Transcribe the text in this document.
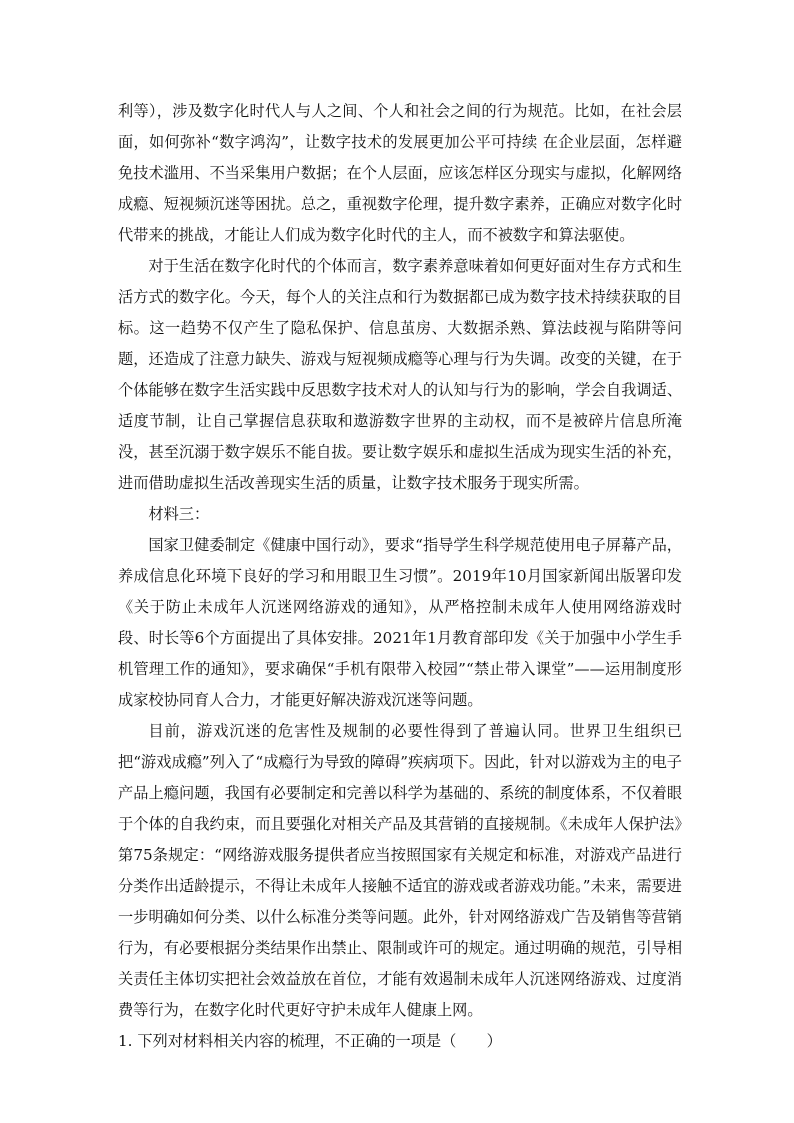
利等），涉及数字化时代人与人之间、个人和社会之间的行为规范。比如，在社会层面，如何弥补“数字鸿沟”，让数字技术的发展更加公平可持续 在企业层面，怎样避免技术滥用、不当采集用户数据；在个人层面，应该怎样区分现实与虚拟，化解网络成瘾、短视频沉迷等困扰。总之，重视数字伦理，提升数字素养，正确应对数字化时代带来的挑战，才能让人们成为数字化时代的主人，而不被数字和算法驱使。

对于生活在数字化时代的个体而言，数字素养意味着如何更好面对生存方式和生活方式的数字化。今天，每个人的关注点和行为数据都已成为数字技术持续获取的目标。这一趋势不仅产生了隐私保护、信息茧房、大数据杀熟、算法歧视与陷阱等问题，还造成了注意力缺失、游戏与短视频成瘾等心理与行为失调。改变的关键，在于个体能够在数字生活实践中反思数字技术对人的认知与行为的影响，学会自我调适、适度节制，让自己掌握信息获取和遨游数字世界的主动权，而不是被碎片信息所淹没，甚至沉溺于数字娱乐不能自拔。要让数字娱乐和虚拟生活成为现实生活的补充，进而借助虚拟生活改善现实生活的质量，让数字技术服务于现实所需。

材料三：

国家卫健委制定《健康中国行动》，要求“指导学生科学规范使用电子屏幕产品，养成信息化环境下良好的学习和用眼卫生习惯”。2019年10月国家新闻出版署印发《关于防止未成年人沉迷网络游戏的通知》，从严格控制未成年人使用网络游戏时段、时长等6个方面提出了具体安排。2021年1月教育部印发《关于加强中小学生手机管理工作的通知》，要求确保“手机有限带入校园”“禁止带入课堂”——运用制度形成家校协同育人合力，才能更好解决游戏沉迷等问题。

目前，游戏沉迷的危害性及规制的必要性得到了普遍认同。世界卫生组织已把“游戏成瘾”列入了“成瘾行为导致的障碍”疾病项下。因此，针对以游戏为主的电子产品上瘾问题，我国有必要制定和完善以科学为基础的、系统的制度体系，不仅着眼于个体的自我约束，而且要强化对相关产品及其营销的直接规制。《未成年人保护法》第75条规定：“网络游戏服务提供者应当按照国家有关规定和标准，对游戏产品进行分类作出适龄提示，不得让未成年人接触不适宜的游戏或者游戏功能。”未来，需要进一步明确如何分类、以什么标准分类等问题。此外，针对网络游戏广告及销售等营销行为，有必要根据分类结果作出禁止、限制或许可的规定。通过明确的规范，引导相关责任主体切实把社会效益放在首位，才能有效遏制未成年人沉迷网络游戏、过度消费等行为，在数字化时代更好守护未成年人健康上网。

1. 下列对材料相关内容的梳理，不正确的一项是（　　）
